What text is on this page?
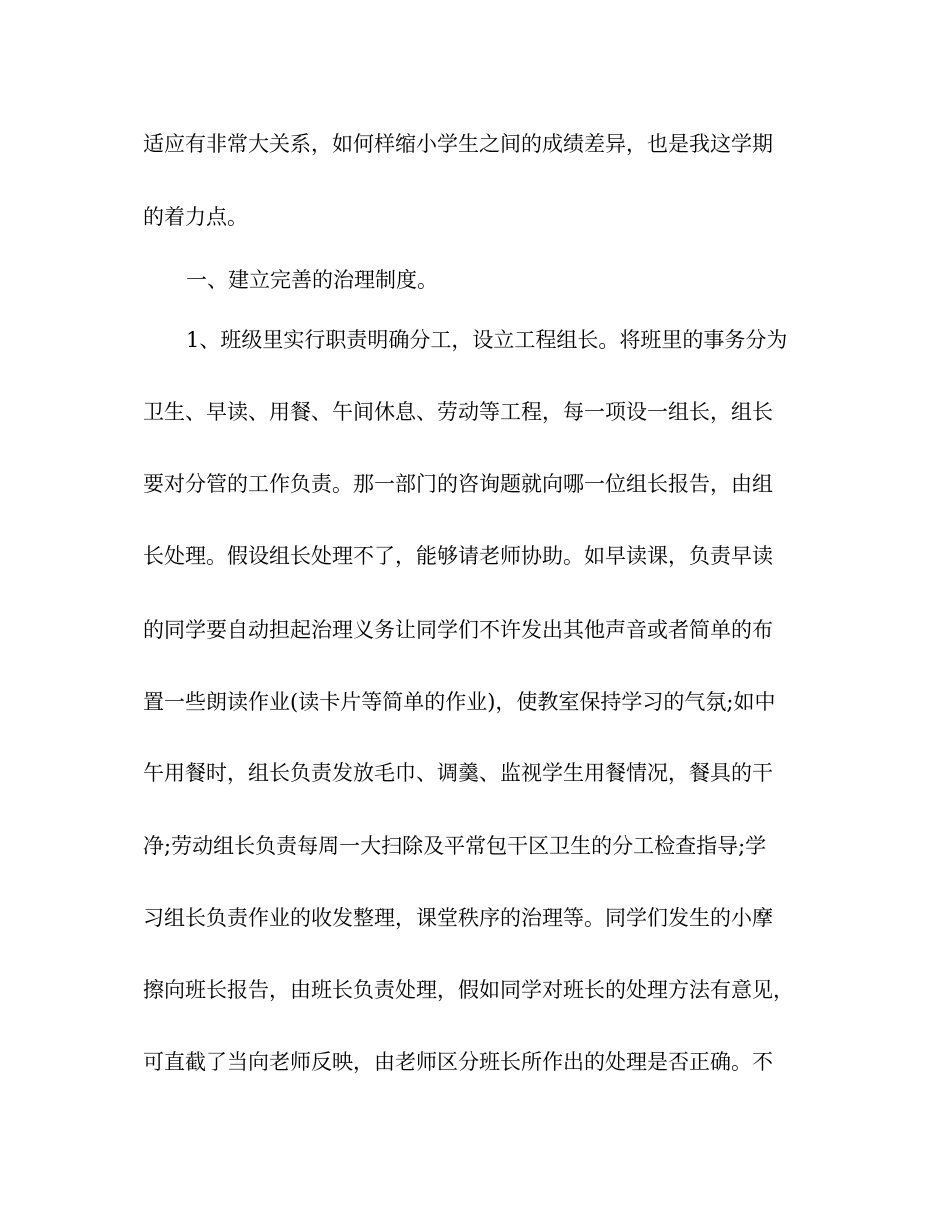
适应有非常大关系，如何样缩小学生之间的成绩差异，也是我这学期
的着力点。
一、建立完善的治理制度。
1、班级里实行职责明确分工，设立工程组长。将班里的事务分为
卫生、早读、用餐、午间休息、劳动等工程，每一项设一组长，组长
要对分管的工作负责。那一部门的咨询题就向哪一位组长报告，由组
长处理。假设组长处理不了，能够请老师协助。如早读课，负责早读
的同学要自动担起治理义务让同学们不许发出其他声音或者简单的布
置一些朗读作业(读卡片等简单的作业)，使教室保持学习的气氛;如中
午用餐时，组长负责发放毛巾、调羹、监视学生用餐情况，餐具的干
净;劳动组长负责每周一大扫除及平常包干区卫生的分工检查指导;学
习组长负责作业的收发整理，课堂秩序的治理等。同学们发生的小摩
擦向班长报告，由班长负责处理，假如同学对班长的处理方法有意见，
可直截了当向老师反映，由老师区分班长所作出的处理是否正确。不
